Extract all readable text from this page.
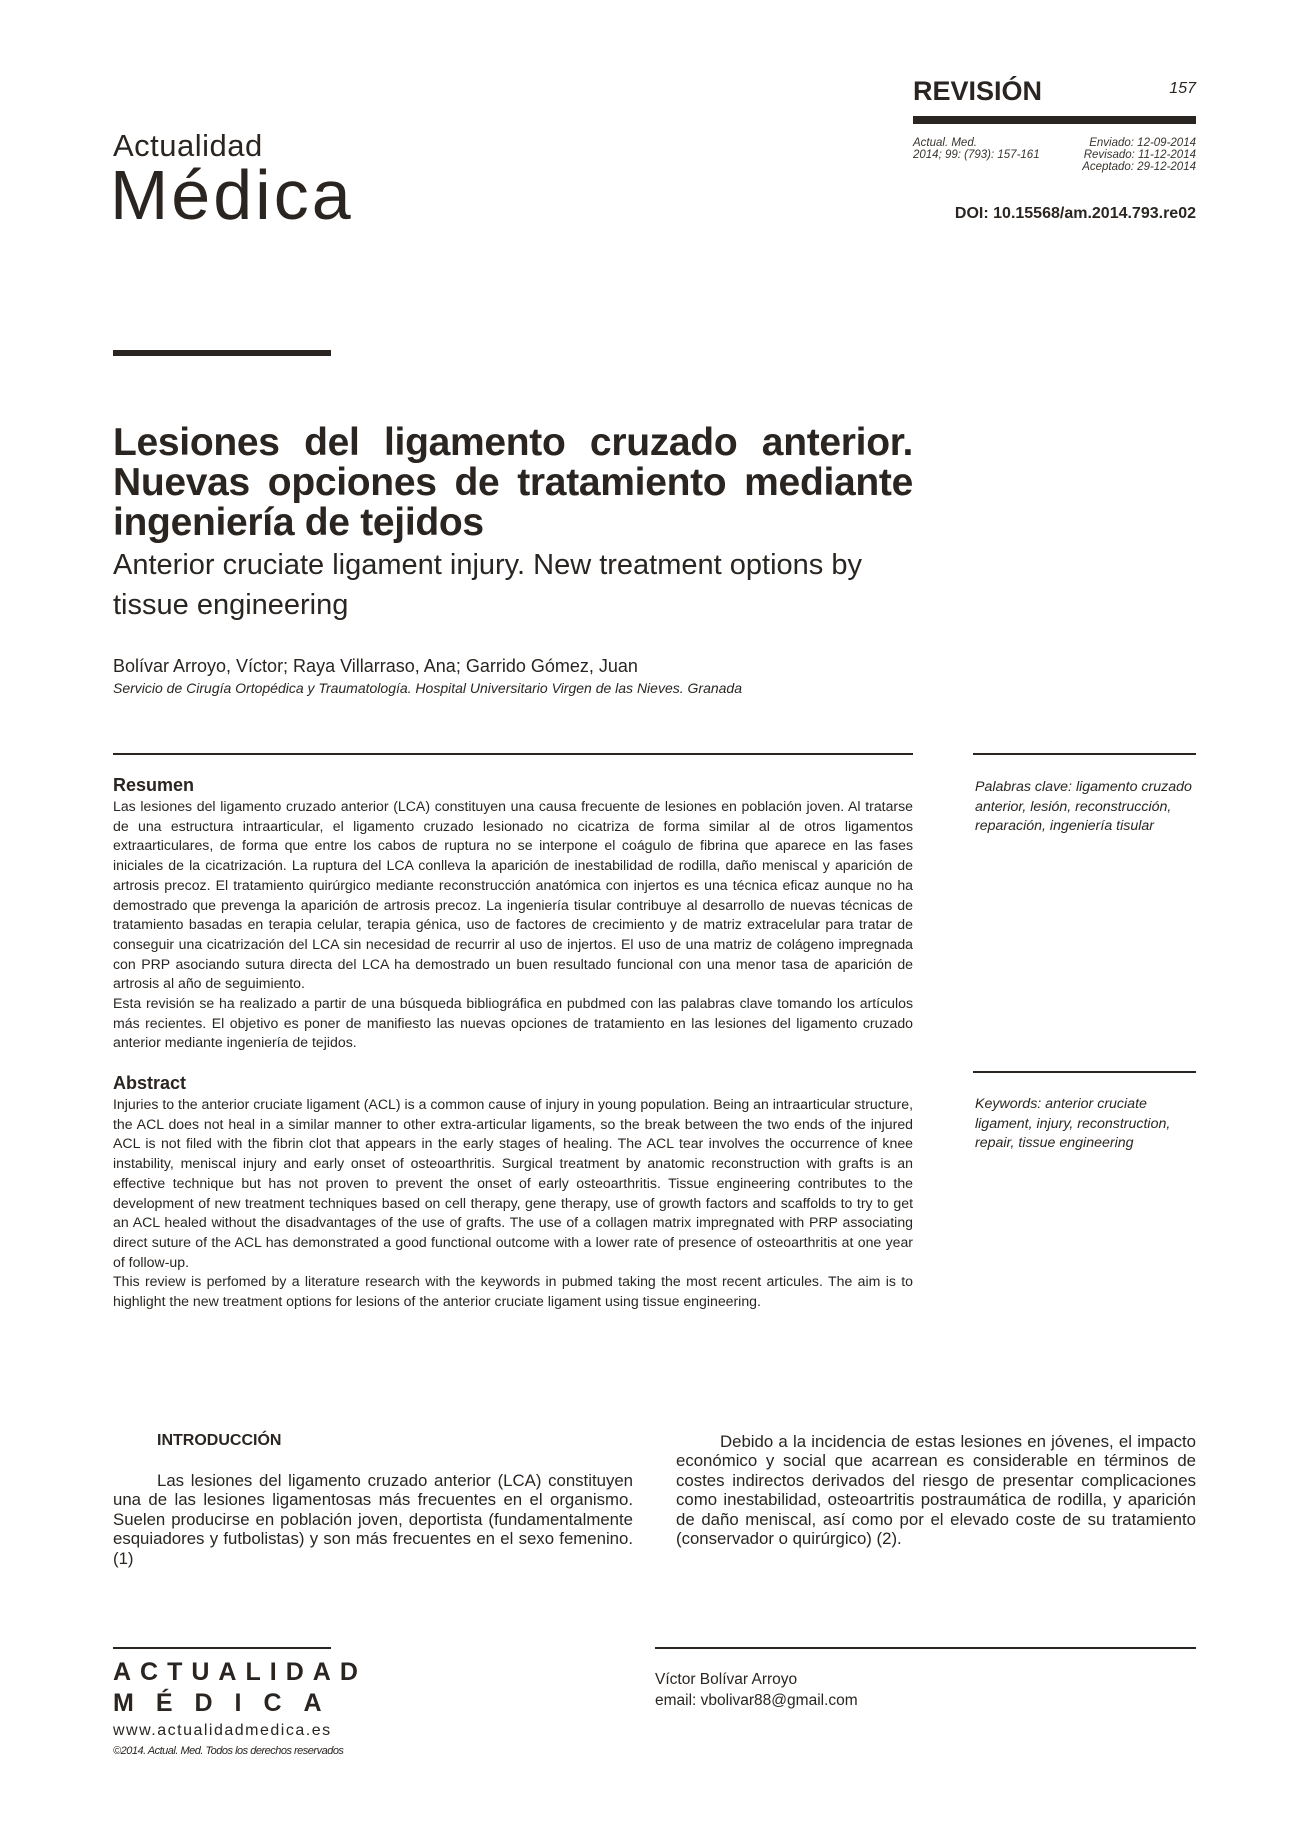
Actualidad
Médica
REVISIÓN	157
Actual. Med.
2014; 99: (793): 157-161
Enviado: 12-09-2014
Revisado: 11-12-2014
Aceptado: 29-12-2014
DOI: 10.15568/am.2014.793.re02
Lesiones del ligamento cruzado anterior. Nuevas opciones de tratamiento mediante ingeniería de tejidos
Anterior cruciate ligament injury. New treatment options by tissue engineering
Bolívar Arroyo, Víctor; Raya Villarraso, Ana; Garrido Gómez, Juan
Servicio de Cirugía Ortopédica y Traumatología. Hospital Universitario Virgen de las Nieves. Granada
Resumen

Las lesiones del ligamento cruzado anterior (LCA) constituyen una causa frecuente de lesiones en población joven. Al tratarse de una estructura intraarticular, el ligamento cruzado lesionado no cicatriza de forma similar al de otros ligamentos extraarticulares, de forma que entre los cabos de ruptura no se interpone el coágulo de fibrina que aparece en las fases iniciales de la cicatrización. La ruptura del LCA conlleva la aparición de inestabilidad de rodilla, daño meniscal y aparición de artrosis precoz. El tratamiento quirúrgico mediante reconstrucción anatómica con injertos es una técnica eficaz aunque no ha demostrado que prevenga la aparición de artrosis precoz. La ingeniería tisular contribuye al desarrollo de nuevas técnicas de tratamiento basadas en terapia celular, terapia génica, uso de factores de crecimiento y de matriz extracelular para tratar de conseguir una cicatrización del LCA sin necesidad de recurrir al uso de injertos. El uso de una matriz de colágeno impregnada con PRP asociando sutura directa del LCA ha demostrado un buen resultado funcional con una menor tasa de aparición de artrosis al año de seguimiento.

Esta revisión se ha realizado a partir de una búsqueda bibliográfica en pubdmed con las palabras clave tomando los artículos más recientes. El objetivo es poner de manifiesto las nuevas opciones de tratamiento en las lesiones del ligamento cruzado anterior mediante ingeniería de tejidos.

Palabras clave: ligamento cruzado anterior, lesión, reconstrucción, reparación, ingeniería tisular
Abstract

Injuries to the anterior cruciate ligament (ACL) is a common cause of injury in young population. Being an intraarticular structure, the ACL does not heal in a similar manner to other extra-articular ligaments, so the break between the two ends of the injured ACL is not filed with the fibrin clot that appears in the early stages of healing. The ACL tear involves the occurrence of knee instability, meniscal injury and early onset of osteoarthritis. Surgical treatment by anatomic reconstruction with grafts is an effective technique but has not proven to prevent the onset of early osteoarthritis. Tissue engineering contributes to the development of new treatment techniques based on cell therapy, gene therapy, use of growth factors and scaffolds to try to get an ACL healed without the disadvantages of the use of grafts. The use of a collagen matrix impregnated with PRP associating direct suture of the ACL has demonstrated a good functional outcome with a lower rate of presence of osteoarthritis at one year of follow-up.

This review is perfomed by a literature research with the keywords in pubmed taking the most recent articules. The aim is to highlight the new treatment options for lesions of the anterior cruciate ligament using tissue engineering.

Keywords: anterior cruciate ligament, injury, reconstruction, repair, tissue engineering
INTRODUCCIÓN

Las lesiones del ligamento cruzado anterior (LCA) constituyen una de las lesiones ligamentosas más frecuentes en el organismo. Suelen producirse en población joven, deportista (fundamentalmente esquiadores y futbolistas) y son más frecuentes en el sexo femenino. (1)

Debido a la incidencia de estas lesiones en jóvenes, el impacto económico y social que acarrean es considerable en términos de costes indirectos derivados del riesgo de presentar complicaciones como inestabilidad, osteoartritis postraumática de rodilla, y aparición de daño meniscal, así como por el elevado coste de su tratamiento (conservador o quirúrgico) (2).

ACTUALIDAD
MÉDICA
www.actualidadmedica.es
©2014. Actual. Med. Todos los derechos reservados
Víctor Bolívar Arroyo
email: vbolivar88@gmail.com
